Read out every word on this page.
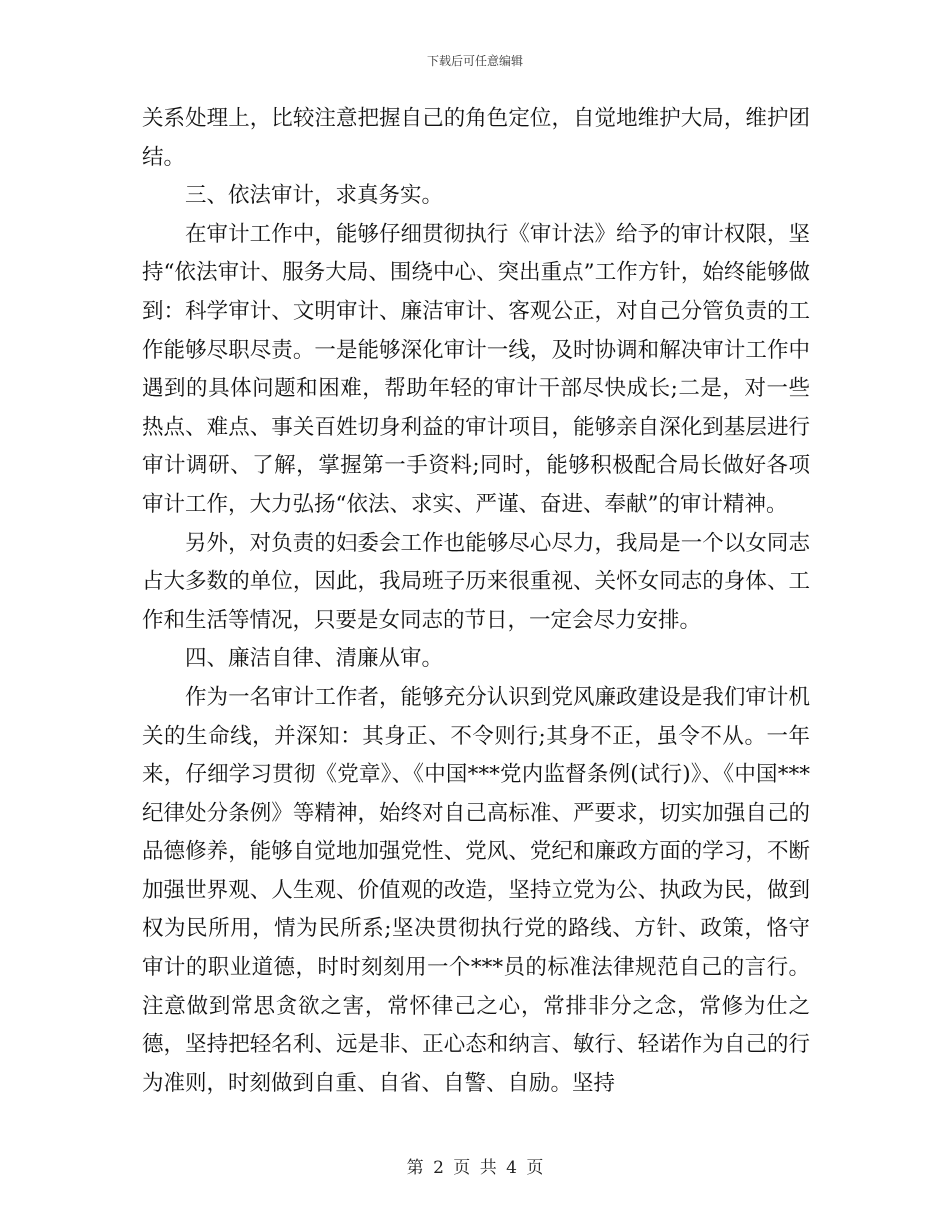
下载后可任意编辑

关系处理上，比较注意把握自己的角色定位，自觉地维护大局，维护团结。

三、依法审计，求真务实。

在审计工作中，能够仔细贯彻执行《审计法》给予的审计权限，坚持“依法审计、服务大局、围绕中心、突出重点”工作方针，始终能够做到：科学审计、文明审计、廉洁审计、客观公正，对自己分管负责的工作能够尽职尽责。一是能够深化审计一线，及时协调和解决审计工作中遇到的具体问题和困难，帮助年轻的审计干部尽快成长;二是，对一些热点、难点、事关百姓切身利益的审计项目，能够亲自深化到基层进行审计调研、了解，掌握第一手资料;同时，能够积极配合局长做好各项审计工作，大力弘扬“依法、求实、严谨、奋进、奉献”的审计精神。

另外，对负责的妇委会工作也能够尽心尽力，我局是一个以女同志占大多数的单位，因此，我局班子历来很重视、关怀女同志的身体、工作和生活等情况，只要是女同志的节日，一定会尽力安排。

四、廉洁自律、清廉从审。

作为一名审计工作者，能够充分认识到党风廉政建设是我们审计机关的生命线，并深知：其身正、不令则行;其身不正，虽令不从。一年来，仔细学习贯彻《党章》、《中国***党内监督条例(试行)》、《中国***纪律处分条例》等精神，始终对自己高标准、严要求，切实加强自己的品德修养，能够自觉地加强党性、党风、党纪和廉政方面的学习，不断加强世界观、人生观、价值观的改造，坚持立党为公、执政为民，做到权为民所用，情为民所系;坚决贯彻执行党的路线、方针、政策，恪守审计的职业道德，时时刻刻用一个***员的标准法律规范自己的言行。注意做到常思贪欲之害，常怀律己之心，常排非分之念，常修为仕之德，坚持把轻名利、远是非、正心态和纳言、敏行、轻诺作为自己的行为准则，时刻做到自重、自省、自警、自励。坚持

第 2 页 共 4 页
